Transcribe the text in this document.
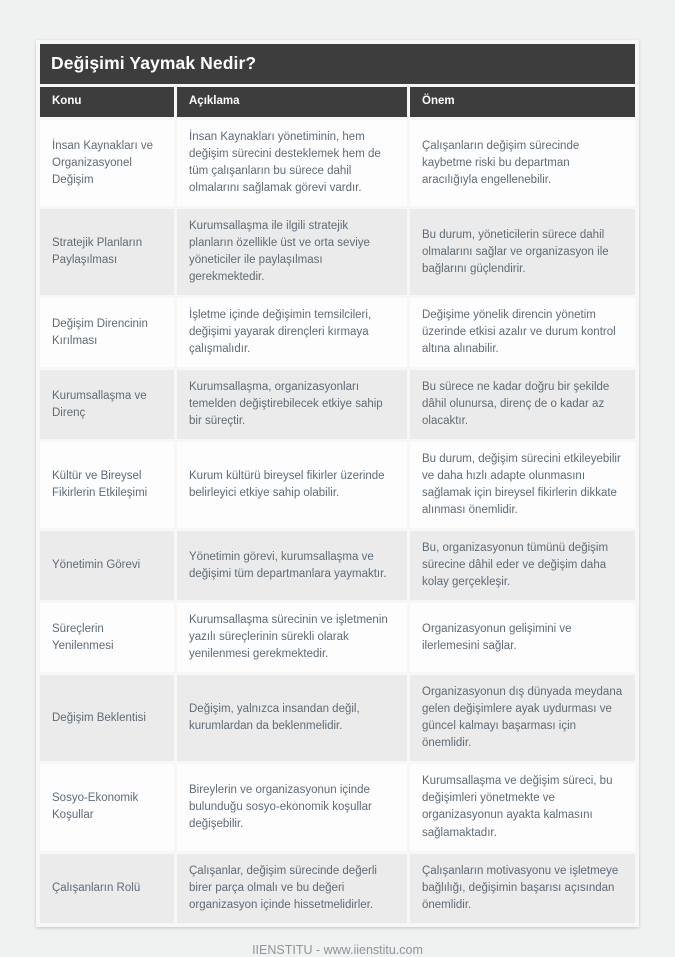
Değişimi Yaymak Nedir?
Konu	Açıklama	Önem
İnsan Kaynakları ve Organizasyonel Değişim
İnsan Kaynakları yönetiminin, hem değişim sürecini desteklemek hem de tüm çalışanların bu sürece dahil olmalarını sağlamak görevi vardır.
Çalışanların değişim sürecinde kaybetme riski bu departman aracılığıyla engellenebilir.
Stratejik Planların Paylaşılması
Kurumsallaşma ile ilgili stratejik planların özellikle üst ve orta seviye yöneticiler ile paylaşılması gerekmektedir.
Bu durum, yöneticilerin sürece dahil olmalarını sağlar ve organizasyon ile bağlarını güçlendirir.
Değişim Direncinin Kırılması
İşletme içinde değişimin temsilcileri, değişimi yayarak dirençleri kırmaya çalışmalıdır.
Değişime yönelik direncin yönetim üzerinde etkisi azalır ve durum kontrol altına alınabilir.
Kurumsallaşma ve Direnç
Kurumsallaşma, organizasyonları temelden değiştirebilecek etkiye sahip bir süreçtir.
Bu sürece ne kadar doğru bir şekilde dâhil olunursa, direnç de o kadar az olacaktır.
Kültür ve Bireysel Fikirlerin Etkileşimi
Kurum kültürü bireysel fikirler üzerinde belirleyici etkiye sahip olabilir.
Bu durum, değişim sürecini etkileyebilir ve daha hızlı adapte olunmasını sağlamak için bireysel fikirlerin dikkate alınması önemlidir.
Yönetimin Görevi
Yönetimin görevi, kurumsallaşma ve değişimi tüm departmanlara yaymaktır.
Bu, organizasyonun tümünü değişim sürecine dâhil eder ve değişim daha kolay gerçekleşir.
Süreçlerin Yenilenmesi
Kurumsallaşma sürecinin ve işletmenin yazılı süreçlerinin sürekli olarak yenilenmesi gerekmektedir.
Organizasyonun gelişimini ve ilerlemesini sağlar.
Değişim Beklentisi
Değişim, yalnızca insandan değil, kurumlardan da beklenmelidir.
Organizasyonun dış dünyada meydana gelen değişimlere ayak uydurması ve güncel kalmayı başarması için önemlidir.
Sosyo-Ekonomik Koşullar
Bireylerin ve organizasyonun içinde bulunduğu sosyo-ekonomik koşullar değişebilir.
Kurumsallaşma ve değişim süreci, bu değişimleri yönetmekte ve organizasyonun ayakta kalmasını sağlamaktadır.
Çalışanların Rolü
Çalışanlar, değişim sürecinde değerli birer parça olmalı ve bu değeri organizasyon içinde hissetmelidirler.
Çalışanların motivasyonu ve işletmeye bağlılığı, değişimin başarısı açısından önemlidir.
IIENSTITU - www.iienstitu.com
